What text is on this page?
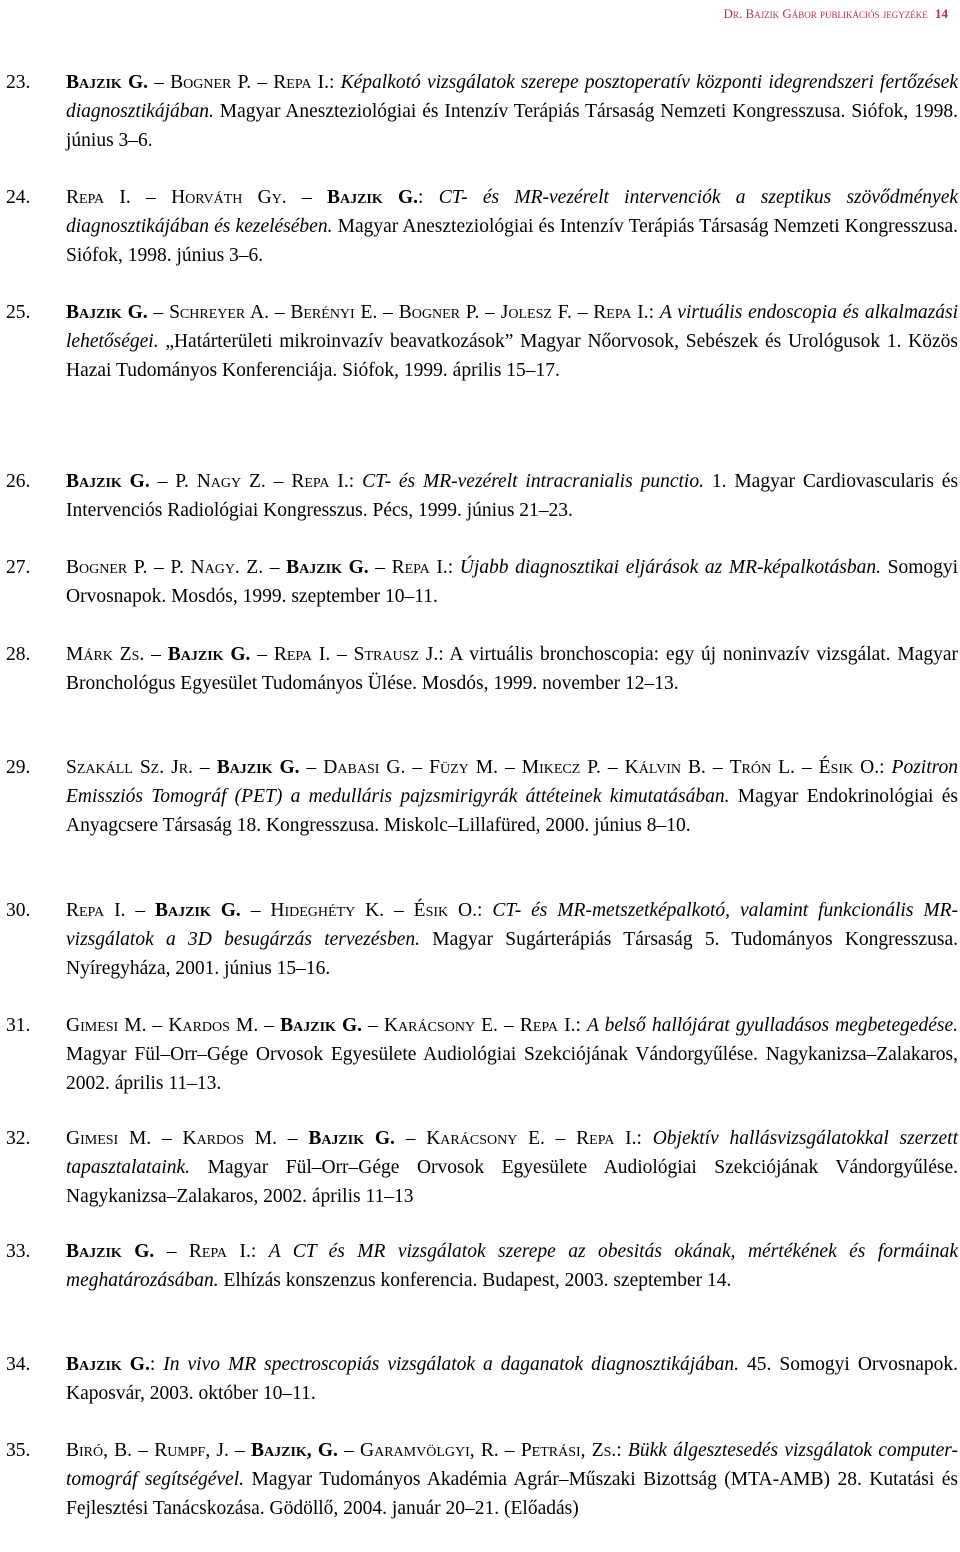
Dr. Bajzik Gábor publikációs jegyzéke 14
23. Bajzik G. – Bogner P. – Repa I.: Képalkotó vizsgálatok szerepe posztoperatív központi idegrendszeri fertőzések diagnosztikájában. Magyar Aneszteziológiai és Intenzív Terápiás Társaság Nemzeti Kongresszusa. Siófok, 1998. június 3–6.
24. Repa I. – Horváth Gy. – Bajzik G.: CT- és MR-vezérelt intervenciók a szeptikus szövődmények diagnosztikájában és kezelésében. Magyar Aneszteziológiai és Intenzív Terápiás Társaság Nemzeti Kongresszusa. Siófok, 1998. június 3–6.
25. Bajzik G. – Schreyer A. – Berényi E. – Bogner P. – Jolesz F. – Repa I.: A virtuális endoscopia és alkalmazási lehetőségei. „Határterületi mikroinvazív beavatkozások” Magyar Nőorvosok, Sebészek és Urológusok 1. Közös Hazai Tudományos Konferenciája. Siófok, 1999. április 15–17.
26. Bajzik G. – P. Nagy Z. – Repa I.: CT- és MR-vezérelt intracranialis punctio. 1. Magyar Cardiovascularis és Intervenciós Radiológiai Kongresszus. Pécs, 1999. június 21–23.
27. Bogner P. – P. Nagy. Z. – Bajzik G. – Repa I.: Újabb diagnosztikai eljárások az MR-képalkotásban. Somogyi Orvosnapok. Mosdós, 1999. szeptember 10–11.
28. Márk Zs. – Bajzik G. – Repa I. – Strausz J.: A virtuális bronchoscopia: egy új noninvazív vizsgálat. Magyar Bronchológus Egyesület Tudományos Ülése. Mosdós, 1999. november 12–13.
29. Szakáll Sz. Jr. – Bajzik G. – Dabasi G. – Füzy M. – Mikecz P. – Kálvin B. – Trón L. – Ésik O.: Pozitron Emissziós Tomográf (PET) a medulláris pajzsmirigyrák áttéteinek kimutatásában. Magyar Endokrinológiai és Anyagcsere Társaság 18. Kongresszusa. Miskolc–Lillafüred, 2000. június 8–10.
30. Repa I. – Bajzik G. – Hideghéty K. – Ésik O.: CT- és MR-metszetképalkotó, valamint funkcionális MR-vizsgálatok a 3D besugárzás tervezésben. Magyar Sugárterápiás Társaság 5. Tudományos Kongresszusa. Nyíregyháza, 2001. június 15–16.
31. Gimesi M. – Kardos M. – Bajzik G. – Karácsony E. – Repa I.: A belső hallójárat gyulladásos megbetegedése. Magyar Fül–Orr–Gége Orvosok Egyesülete Audiológiai Szekciójának Vándorgyűlése. Nagykanizsa–Zalakaros, 2002. április 11–13.
32. Gimesi M. – Kardos M. – Bajzik G. – Karácsony E. – Repa I.: Objektív hallásvizsgálatokkal szerzett tapasztalataink. Magyar Fül–Orr–Gége Orvosok Egyesülete Audiológiai Szekciójának Vándorgyűlése. Nagykanizsa–Zalakaros, 2002. április 11–13
33. Bajzik G. – Repa I.: A CT és MR vizsgálatok szerepe az obesitás okának, mértékének és formáinak meghatározásában. Elhízás konszenzus konferencia. Budapest, 2003. szeptember 14.
34. Bajzik G.: In vivo MR spectroscopiás vizsgálatok a daganatok diagnosztikájában. 45. Somogyi Orvosnapok. Kaposvár, 2003. október 10–11.
35. Biró, B. – Rumpf, J. – Bajzik, G. – Garamvölgyi, R. – Petrási, Zs.: Bükk álgesztesedés vizsgálatok computer-tomográf segítségével. Magyar Tudományos Akadémia Agrár–Műszaki Bizottság (MTA-AMB) 28. Kutatási és Fejlesztési Tanácskozása. Gödöllő, 2004. január 20–21. (Előadás)
